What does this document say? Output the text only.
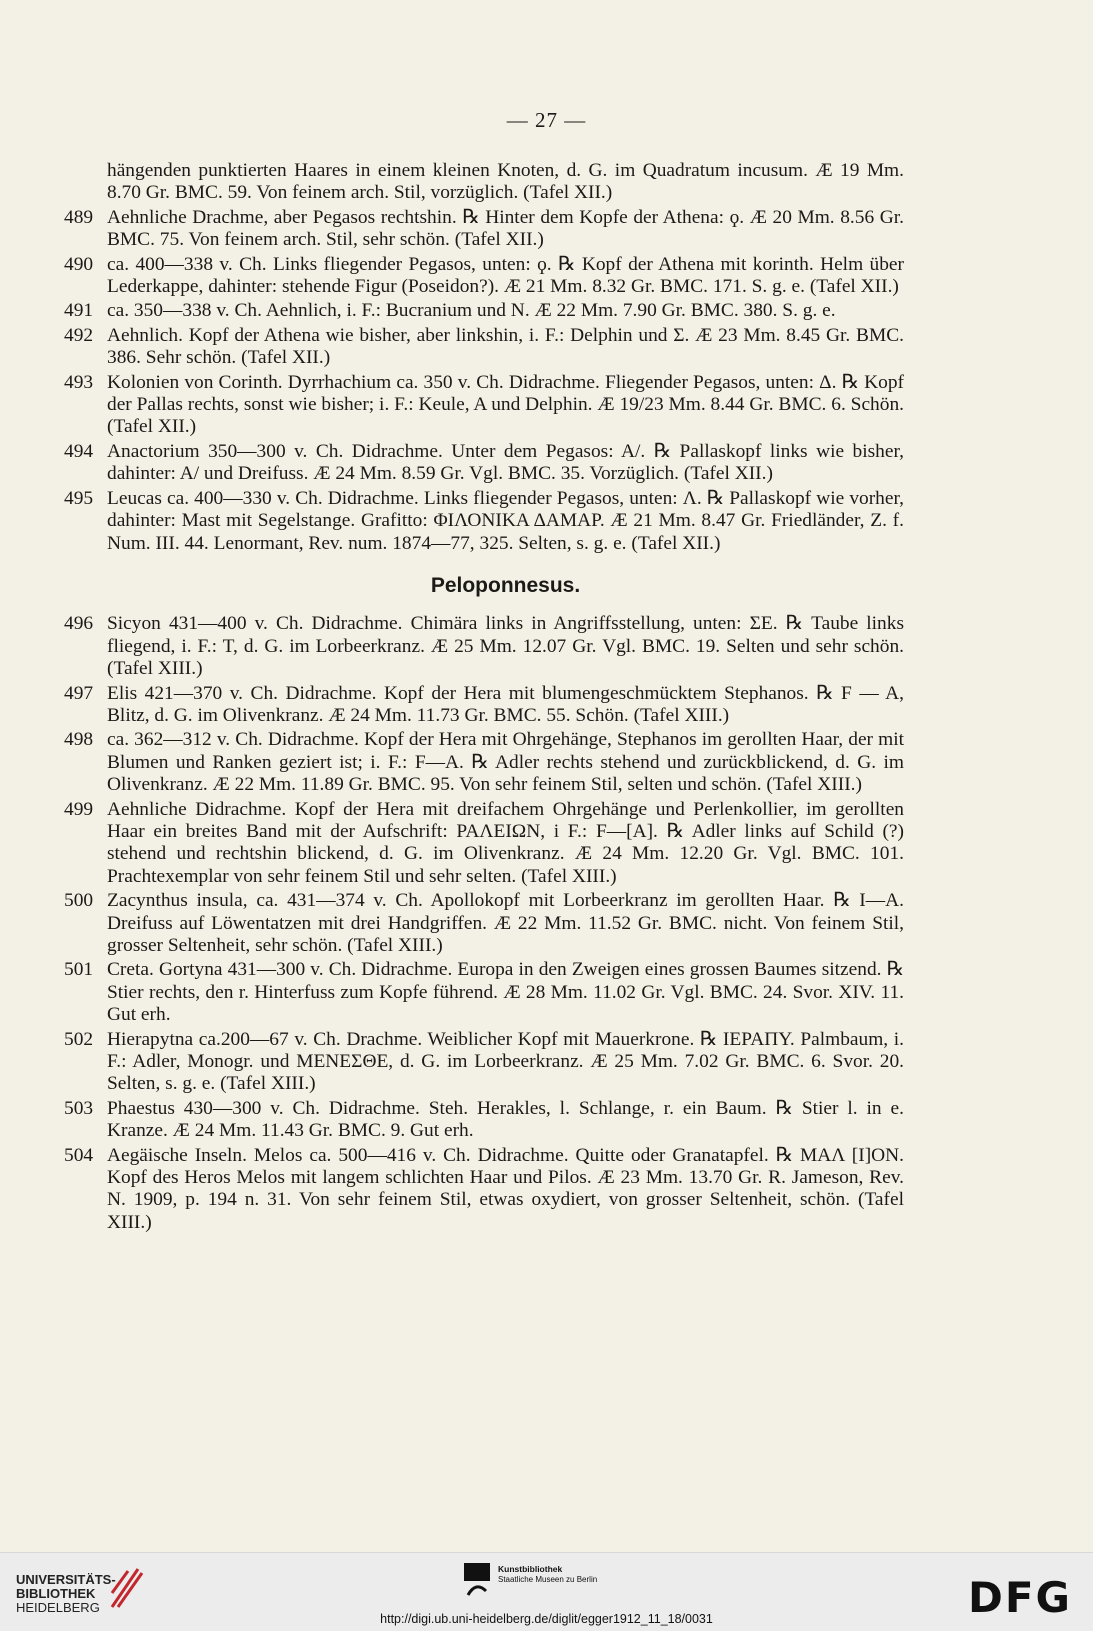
— 27 —
hängenden punktierten Haares in einem kleinen Knoten, d. G. im Quadratum incusum. Æ 19 Mm. 8.70 Gr. BMC. 59. Von feinem arch. Stil, vorzüglich. (Tafel XII.)
489 Aehnliche Drachme, aber Pegasos rechtshin. ℞ Hinter dem Kopfe der Athena: ϙ. Æ 20 Mm. 8.56 Gr. BMC. 75. Von feinem arch. Stil, sehr schön. (Tafel XII.)
490 ca. 400—338 v. Ch. Links fliegender Pegasos, unten: ϙ. ℞ Kopf der Athena mit korinth. Helm über Lederkappe, dahinter: stehende Figur (Poseidon?). Æ 21 Mm. 8.32 Gr. BMC. 171. S. g. e. (Tafel XII.)
491 ca. 350—338 v. Ch. Aehnlich, i. F.: Bucranium und N. Æ 22 Mm. 7.90 Gr. BMC. 380. S. g. e.
492 Aehnlich. Kopf der Athena wie bisher, aber linkshin, i. F.: Delphin und Σ. Æ 23 Mm. 8.45 Gr. BMC. 386. Sehr schön. (Tafel XII.)
493 Kolonien von Corinth. Dyrrhachium ca. 350 v. Ch. Didrachme. Fliegender Pegasos, unten: Δ. ℞ Kopf der Pallas rechts, sonst wie bisher; i. F.: Keule, A und Delphin. Æ 19/23 Mm. 8.44 Gr. BMC. 6. Schön. (Tafel XII.)
494 Anactorium 350—300 v. Ch. Didrachme. Unter dem Pegasos: A/. ℞ Pallaskopf links wie bisher, dahinter: A/ und Dreifuss. Æ 24 Mm. 8.59 Gr. Vgl. BMC. 35. Vorzüglich. (Tafel XII.)
495 Leucas ca. 400—330 v. Ch. Didrachme. Links fliegender Pegasos, unten: Λ. ℞ Pallaskopf wie vorher, dahinter: Mast mit Segelstange. Grafitto: ΦΙΛΟΝΙΚΑ ΔΑΜΑΡ. Æ 21 Mm. 8.47 Gr. Friedländer, Z. f. Num. III. 44. Lenormant, Rev. num. 1874—77, 325. Selten, s. g. e. (Tafel XII.)
Peloponnesus.
496 Sicyon 431—400 v. Ch. Didrachme. Chimära links in Angriffsstellung, unten: ΣΕ. ℞ Taube links fliegend, i. F.: T, d. G. im Lorbeerkranz. Æ 25 Mm. 12.07 Gr. Vgl. BMC. 19. Selten und sehr schön. (Tafel XIII.)
497 Elis 421—370 v. Ch. Didrachme. Kopf der Hera mit blumengeschmücktem Stephanos. ℞ F — A, Blitz, d. G. im Olivenkranz. Æ 24 Mm. 11.73 Gr. BMC. 55. Schön. (Tafel XIII.)
498 ca. 362—312 v. Ch. Didrachme. Kopf der Hera mit Ohrgehänge, Stephanos im gerollten Haar, der mit Blumen und Ranken geziert ist; i. F.: F—A. ℞ Adler rechts stehend und zurückblickend, d. G. im Olivenkranz. Æ 22 Mm. 11.89 Gr. BMC. 95. Von sehr feinem Stil, selten und schön. (Tafel XIII.)
499 Aehnliche Didrachme. Kopf der Hera mit dreifachem Ohrgehänge und Perlenkollier, im gerollten Haar ein breites Band mit der Aufschrift: ΡΑΛΕΙΩΝ, i F.: F—[A]. ℞ Adler links auf Schild (?) stehend und rechtshin blickend, d. G. im Olivenkranz. Æ 24 Mm. 12.20 Gr. Vgl. BMC. 101. Prachtexemplar von sehr feinem Stil und sehr selten. (Tafel XIII.)
500 Zacynthus insula, ca. 431—374 v. Ch. Apollokopf mit Lorbeerkranz im gerollten Haar. ℞ I—A. Dreifuss auf Löwentatzen mit drei Handgriffen. Æ 22 Mm. 11.52 Gr. BMC. nicht. Von feinem Stil, grosser Seltenheit, sehr schön. (Tafel XIII.)
501 Creta. Gortyna 431—300 v. Ch. Didrachme. Europa in den Zweigen eines grossen Baumes sitzend. ℞ Stier rechts, den r. Hinterfuss zum Kopfe führend. Æ 28 Mm. 11.02 Gr. Vgl. BMC. 24. Svor. XIV. 11. Gut erh.
502 Hierapytna ca.200—67 v. Ch. Drachme. Weiblicher Kopf mit Mauerkrone. ℞ ΙΕΡΑΠΥ. Palmbaum, i. F.: Adler, Monogr. und ΜΕΝΕΣΘΕ, d. G. im Lorbeerkranz. Æ 25 Mm. 7.02 Gr. BMC. 6. Svor. 20. Selten, s. g. e. (Tafel XIII.)
503 Phaestus 430—300 v. Ch. Didrachme. Steh. Herakles, l. Schlange, r. ein Baum. ℞ Stier l. in e. Kranze. Æ 24 Mm. 11.43 Gr. BMC. 9. Gut erh.
504 Aegäische Inseln. Melos ca. 500—416 v. Ch. Didrachme. Quitte oder Granatapfel. ℞ ΜΑΛ [Ι]ΟΝ. Kopf des Heros Melos mit langem schlichten Haar und Pilos. Æ 23 Mm. 13.70 Gr. R. Jameson, Rev. N. 1909, p. 194 n. 31. Von sehr feinem Stil, etwas oxydiert, von grosser Seltenheit, schön. (Tafel XIII.)
UNIVERSITÄTS-
BIBLIOTHEK
HEIDELBERG
Kunstbibliothek
Staatliche Museen zu Berlin	DFG
http://digi.ub.uni-heidelberg.de/diglit/egger1912_11_18/0031
